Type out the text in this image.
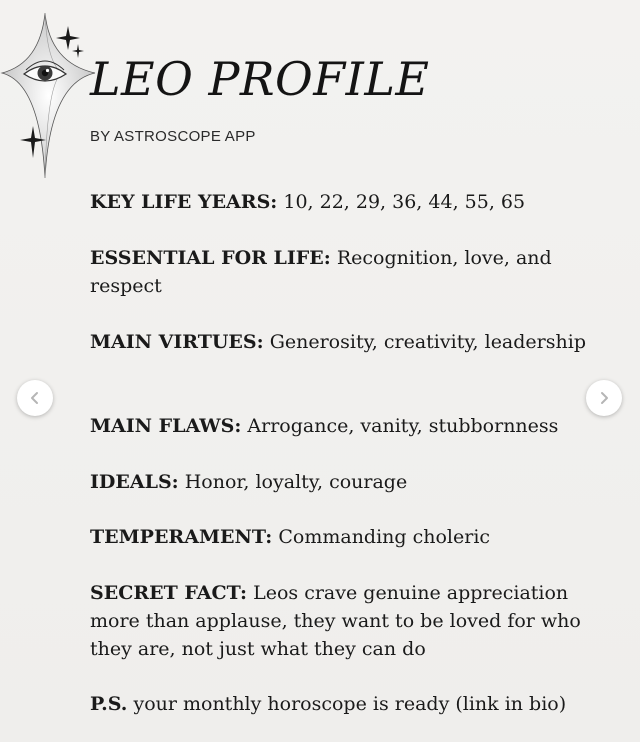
LEO PROFILE
BY ASTROSCOPE APP
KEY LIFE YEARS: 10, 22, 29, 36, 44, 55, 65
ESSENTIAL FOR LIFE: Recognition, love, and respect
MAIN VIRTUES: Generosity, creativity, leadership
MAIN FLAWS: Arrogance, vanity, stubbornness
IDEALS: Honor, loyalty, courage
TEMPERAMENT: Commanding choleric
SECRET FACT: Leos crave genuine appreciation more than applause, they want to be loved for who they are, not just what they can do
P.S. your monthly horoscope is ready (link in bio)
